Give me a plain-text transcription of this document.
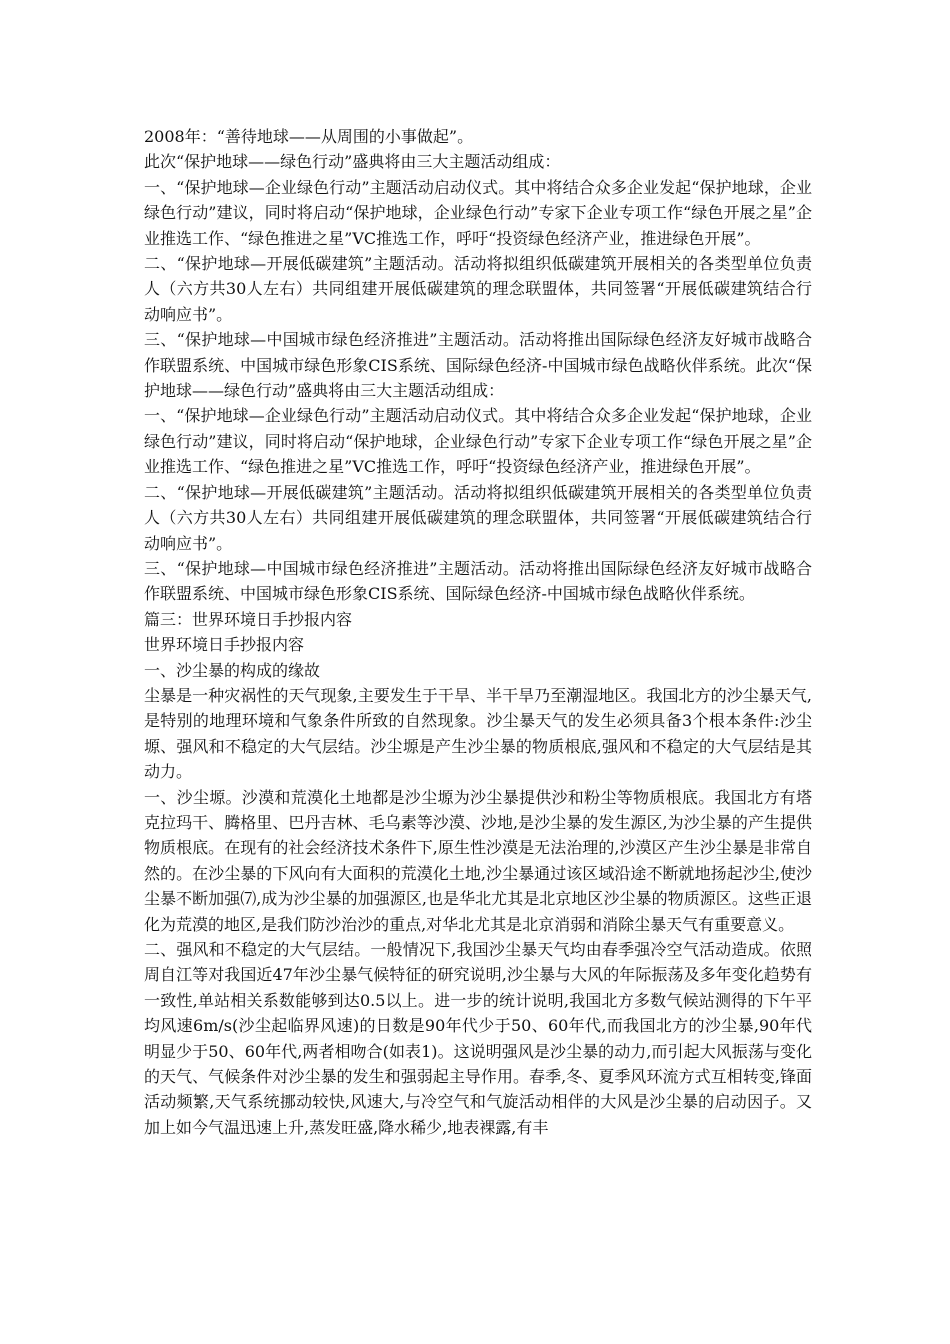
2008年：“善待地球——从周围的小事做起”。

此次“保护地球——绿色行动”盛典将由三大主题活动组成：

一、“保护地球—企业绿色行动”主题活动启动仪式。其中将结合众多企业发起“保护地球，企业绿色行动”建议，同时将启动“保护地球，企业绿色行动”专家下企业专项工作“绿色开展之星”企业推选工作、“绿色推进之星”VC推选工作，呼吁“投资绿色经济产业，推进绿色开展”。

二、“保护地球—开展低碳建筑”主题活动。活动将拟组织低碳建筑开展相关的各类型单位负责人（六方共30人左右）共同组建开展低碳建筑的理念联盟体，共同签署“开展低碳建筑结合行动响应书”。

三、“保护地球—中国城市绿色经济推进”主题活动。活动将推出国际绿色经济友好城市战略合作联盟系统、中国城市绿色形象CIS系统、国际绿色经济-中国城市绿色战略伙伴系统。此次“保护地球——绿色行动”盛典将由三大主题活动组成：

一、“保护地球—企业绿色行动”主题活动启动仪式。其中将结合众多企业发起“保护地球，企业绿色行动”建议，同时将启动“保护地球，企业绿色行动”专家下企业专项工作“绿色开展之星”企业推选工作、“绿色推进之星”VC推选工作，呼吁“投资绿色经济产业，推进绿色开展”。

二、“保护地球—开展低碳建筑”主题活动。活动将拟组织低碳建筑开展相关的各类型单位负责人（六方共30人左右）共同组建开展低碳建筑的理念联盟体，共同签署“开展低碳建筑结合行动响应书”。

三、“保护地球—中国城市绿色经济推进”主题活动。活动将推出国际绿色经济友好城市战略合作联盟系统、中国城市绿色形象CIS系统、国际绿色经济-中国城市绿色战略伙伴系统。

篇三：世界环境日手抄报内容

世界环境日手抄报内容

一、沙尘暴的构成的缘故

尘暴是一种灾祸性的天气现象,主要发生于干旱、半干旱乃至潮湿地区。我国北方的沙尘暴天气,是特别的地理环境和气象条件所致的自然现象。沙尘暴天气的发生必须具备3个根本条件:沙尘塬、强风和不稳定的大气层结。沙尘塬是产生沙尘暴的物质根底,强风和不稳定的大气层结是其动力。

一、沙尘塬。沙漠和荒漠化土地都是沙尘塬为沙尘暴提供沙和粉尘等物质根底。我国北方有塔克拉玛干、腾格里、巴丹吉林、毛乌素等沙漠、沙地,是沙尘暴的发生源区,为沙尘暴的产生提供物质根底。在现有的社会经济技术条件下,原生性沙漠是无法治理的,沙漠区产生沙尘暴是非常自然的。在沙尘暴的下风向有大面积的荒漠化土地,沙尘暴通过该区域沿途不断就地扬起沙尘,使沙尘暴不断加强⑺,成为沙尘暴的加强源区,也是华北尤其是北京地区沙尘暴的物质源区。这些正退化为荒漠的地区,是我们防沙治沙的重点,对华北尤其是北京消弱和消除尘暴天气有重要意义。

二、强风和不稳定的大气层结。一般情况下,我国沙尘暴天气均由春季强冷空气活动造成。依照周自江等对我国近47年沙尘暴气候特征的研究说明,沙尘暴与大风的年际振荡及多年变化趋势有一致性,单站相关系数能够到达0.5以上。进一步的统计说明,我国北方多数气候站测得的下午平均风速6m/s(沙尘起临界风速)的日数是90年代少于50、60年代,而我国北方的沙尘暴,90年代明显少于50、60年代,两者相吻合(如表1)。这说明强风是沙尘暴的动力,而引起大风振荡与变化的天气、气候条件对沙尘暴的发生和强弱起主导作用。春季,冬、夏季风环流方式互相转变,锋面活动频繁,天气系统挪动较快,风速大,与冷空气和气旋活动相伴的大风是沙尘暴的启动因子。又加上如今气温迅速上升,蒸发旺盛,降水稀少,地表裸露,有丰
